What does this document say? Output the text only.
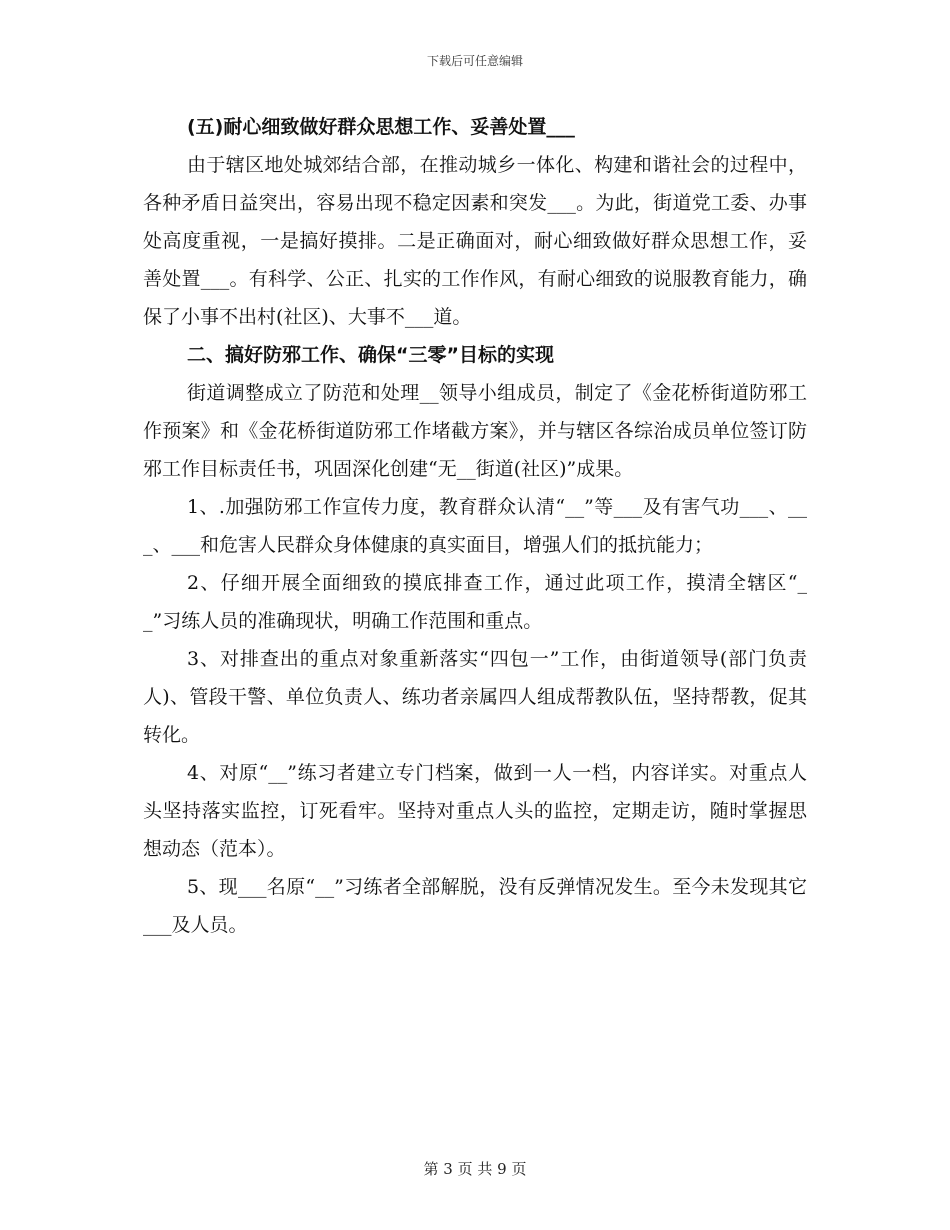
下载后可任意编辑

(五)耐心细致做好群众思想工作、妥善处置___

由于辖区地处城郊结合部，在推动城乡一体化、构建和谐社会的过程中，各种矛盾日益突出，容易出现不稳定因素和突发___。为此，街道党工委、办事处高度重视，一是搞好摸排。二是正确面对，耐心细致做好群众思想工作，妥善处置___。有科学、公正、扎实的工作作风，有耐心细致的说服教育能力，确保了小事不出村(社区)、大事不___道。

二、搞好防邪工作、确保“三零”目标的实现

街道调整成立了防范和处理__领导小组成员，制定了《金花桥街道防邪工作预案》和《金花桥街道防邪工作堵截方案》，并与辖区各综治成员单位签订防邪工作目标责任书，巩固深化创建“无__街道(社区)”成果。

1、.加强防邪工作宣传力度，教育群众认清“__”等___及有害气功___、___、___和危害人民群众身体健康的真实面目，增强人们的抵抗能力；

2、仔细开展全面细致的摸底排查工作，通过此项工作，摸清全辖区“__”习练人员的准确现状，明确工作范围和重点。

3、对排查出的重点对象重新落实“四包一”工作，由街道领导(部门负责人)、管段干警、单位负责人、练功者亲属四人组成帮教队伍，坚持帮教，促其转化。

4、对原“__”练习者建立专门档案，做到一人一档，内容详实。对重点人头坚持落实监控，订死看牢。坚持对重点人头的监控，定期走访，随时掌握思想动态（范本）。

5、现___名原“__”习练者全部解脱，没有反弹情况发生。至今未发现其它___及人员。

第 3 页 共 9 页
